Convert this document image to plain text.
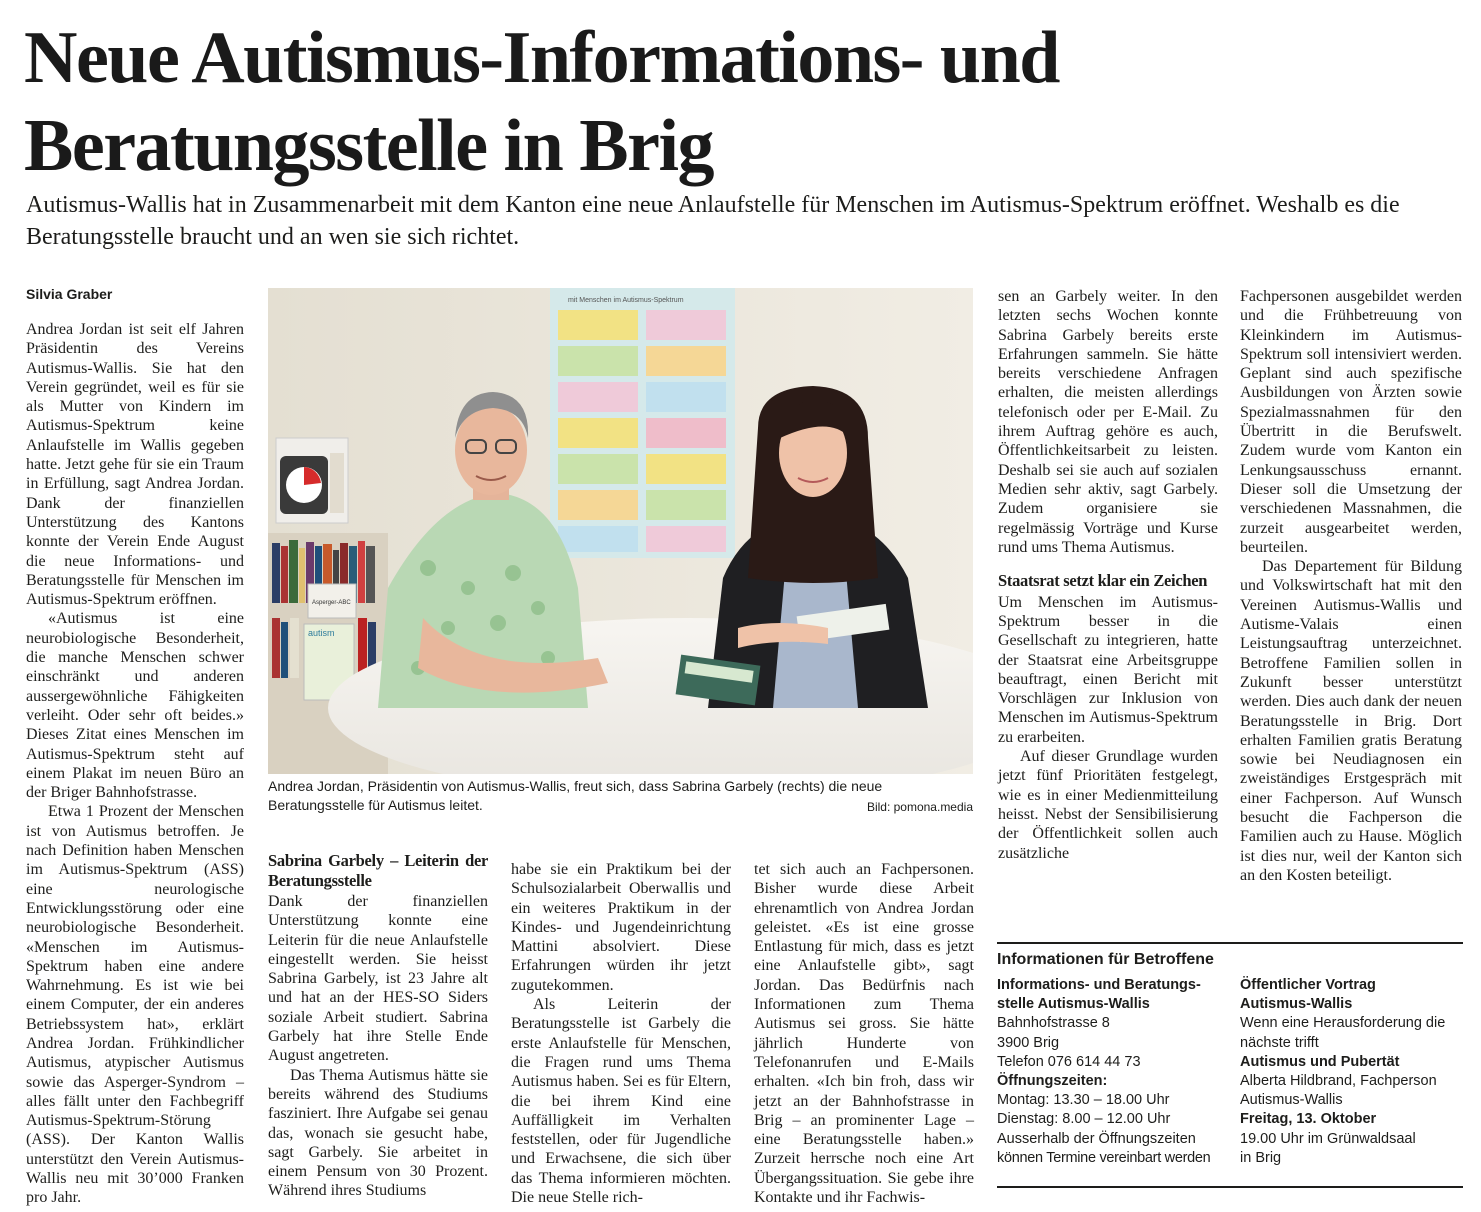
Neue Autismus-Informations- und Beratungsstelle in Brig

Autismus-Wallis hat in Zusammenarbeit mit dem Kanton eine neue Anlaufstelle für Menschen im Autismus-Spektrum eröffnet. Weshalb es die Beratungsstelle braucht und an wen sie sich richtet.

Silvia Graber

Andrea Jordan ist seit elf Jahren Präsidentin des Vereins Autismus-Wallis. Sie hat den Verein gegründet, weil es für sie als Mutter von Kindern im Autismus-Spektrum keine Anlaufstelle im Wallis gegeben hatte. Jetzt gehe für sie ein Traum in Erfüllung, sagt Andrea Jordan. Dank der finanziellen Unterstützung des Kantons konnte der Verein Ende August die neue Informations- und Beratungsstelle für Menschen im Autismus-Spektrum eröffnen.

«Autismus ist eine neurobiologische Besonderheit, die manche Menschen schwer einschränkt und anderen aussergewöhnliche Fähigkeiten verleiht. Oder sehr oft beides.» Dieses Zitat eines Menschen im Autismus-Spektrum steht auf einem Plakat im neuen Büro an der Briger Bahnhofstrasse.

Etwa 1 Prozent der Menschen ist von Autismus betroffen. Je nach Definition haben Menschen im Autismus-Spektrum (ASS) eine neurologische Entwicklungsstörung oder eine neurobiologische Besonderheit. «Menschen im Autismus-Spektrum haben eine andere Wahrnehmung. Es ist wie bei einem Computer, der ein anderes Betriebssystem hat», erklärt Andrea Jordan. Frühkindlicher Autismus, atypischer Autismus sowie das Asperger-Syndrom – alles fällt unter den Fachbegriff Autismus-Spektrum-Störung (ASS). Der Kanton Wallis unterstützt den Verein Autismus-Wallis neu mit 30’000 Franken pro Jahr.

mit Menschen im Autismus-Spektrum
Asperger-ABC
autism
Andrea Jordan, Präsidentin von Autismus-Wallis, freut sich, dass Sabrina Garbely (rechts) die neue Beratungsstelle für Autismus leitet.	Bild: pomona.media
Sabrina Garbely – Leiterin der Beratungsstelle

Dank der finanziellen Unterstützung konnte eine Leiterin für die neue Anlaufstelle eingestellt werden. Sie heisst Sabrina Garbely, ist 23 Jahre alt und hat an der HES-SO Siders soziale Arbeit studiert. Sabrina Garbely hat ihre Stelle Ende August angetreten.

Das Thema Autismus hätte sie bereits während des Studiums fasziniert. Ihre Aufgabe sei genau das, wonach sie gesucht habe, sagt Garbely. Sie arbeitet in einem Pensum von 30 Prozent. Während ihres Studiums

habe sie ein Praktikum bei der Schulsozialarbeit Oberwallis und ein weiteres Praktikum in der Kindes- und Jugendeinrichtung Mattini absolviert. Diese Erfahrungen würden ihr jetzt zugutekommen.

Als Leiterin der Beratungsstelle ist Garbely die erste Anlaufstelle für Menschen, die Fragen rund ums Thema Autismus haben. Sei es für Eltern, die bei ihrem Kind eine Auffälligkeit im Verhalten feststellen, oder für Jugendliche und Erwachsene, die sich über das Thema informieren möchten. Die neue Stelle rich-

tet sich auch an Fachpersonen. Bisher wurde diese Arbeit ehrenamtlich von Andrea Jordan geleistet. «Es ist eine grosse Entlastung für mich, dass es jetzt eine Anlaufstelle gibt», sagt Jordan. Das Bedürfnis nach Informationen zum Thema Autismus sei gross. Sie hätte jährlich Hunderte von Telefonanrufen und E-Mails erhalten. «Ich bin froh, dass wir jetzt an der Bahnhofstrasse in Brig – an prominenter Lage – eine Beratungsstelle haben.» Zurzeit herrsche noch eine Art Übergangssituation. Sie gebe ihre Kontakte und ihr Fachwis-

sen an Garbely weiter. In den letzten sechs Wochen konnte Sabrina Garbely bereits erste Erfahrungen sammeln. Sie hätte bereits verschiedene Anfragen erhalten, die meisten allerdings telefonisch oder per E-Mail. Zu ihrem Auftrag gehöre es auch, Öffentlichkeitsarbeit zu leisten. Deshalb sei sie auch auf sozialen Medien sehr aktiv, sagt Garbely. Zudem organisiere sie regelmässig Vorträge und Kurse rund ums Thema Autismus.

Staatsrat setzt klar ein Zeichen

Um Menschen im Autismus-Spektrum besser in die Gesellschaft zu integrieren, hatte der Staatsrat eine Arbeitsgruppe beauftragt, einen Bericht mit Vorschlägen zur Inklusion von Menschen im Autismus-Spektrum zu erarbeiten.

Auf dieser Grundlage wurden jetzt fünf Prioritäten festgelegt, wie es in einer Medienmitteilung heisst. Nebst der Sensibilisierung der Öffentlichkeit sollen auch zusätzliche

Fachpersonen ausgebildet werden und die Frühbetreuung von Kleinkindern im Autismus-Spektrum soll intensiviert werden. Geplant sind auch spezifische Ausbildungen von Ärzten sowie Spezialmassnahmen für den Übertritt in die Berufswelt. Zudem wurde vom Kanton ein Lenkungsausschuss ernannt. Dieser soll die Umsetzung der verschiedenen Massnahmen, die zurzeit ausgearbeitet werden, beurteilen.

Das Departement für Bildung und Volkswirtschaft hat mit den Vereinen Autismus-Wallis und Autisme-Valais einen Leistungsauftrag unterzeichnet. Betroffene Familien sollen in Zukunft besser unterstützt werden. Dies auch dank der neuen Beratungsstelle in Brig. Dort erhalten Familien gratis Beratung sowie bei Neudiagnosen ein zweiständiges Erstgespräch mit einer Fachperson. Auf Wunsch besucht die Fachperson die Familien auch zu Hause. Möglich ist dies nur, weil der Kanton sich an den Kosten beteiligt.

Informationen für Betroffene
Informations- und Beratungs-
stelle Autismus-Wallis
Bahnhofstrasse 8
3900 Brig
Telefon 076 614 44 73
Öffnungszeiten:
Montag: 13.30 – 18.00 Uhr
Dienstag: 8.00 – 12.00 Uhr
Ausserhalb der Öffnungszeiten
können Termine vereinbart werden
Öffentlicher Vortrag
Autismus-Wallis
Wenn eine Herausforderung die
nächste trifft
Autismus und Pubertät
Alberta Hildbrand, Fachperson
Autismus-Wallis
Freitag, 13. Oktober
19.00 Uhr im Grünwaldsaal
in Brig
